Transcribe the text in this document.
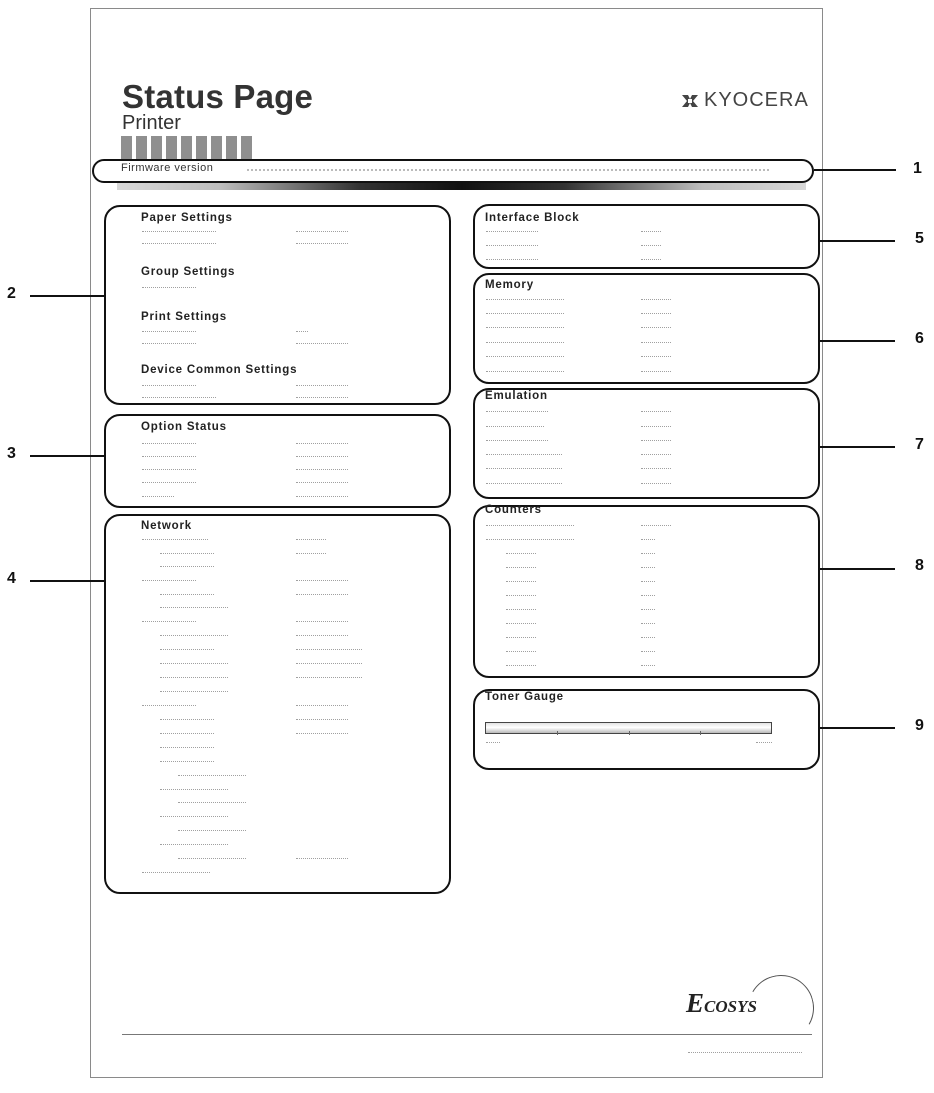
Status Page
Printer
KYOCERA
Firmware version
Paper Settings
Group Settings
Print Settings
Device Common Settings
Option Status
Network
Interface Block
Memory
Emulation
Counters
Toner Gauge
1
2
3
4
5
6
7
8
9
ECOSYS
